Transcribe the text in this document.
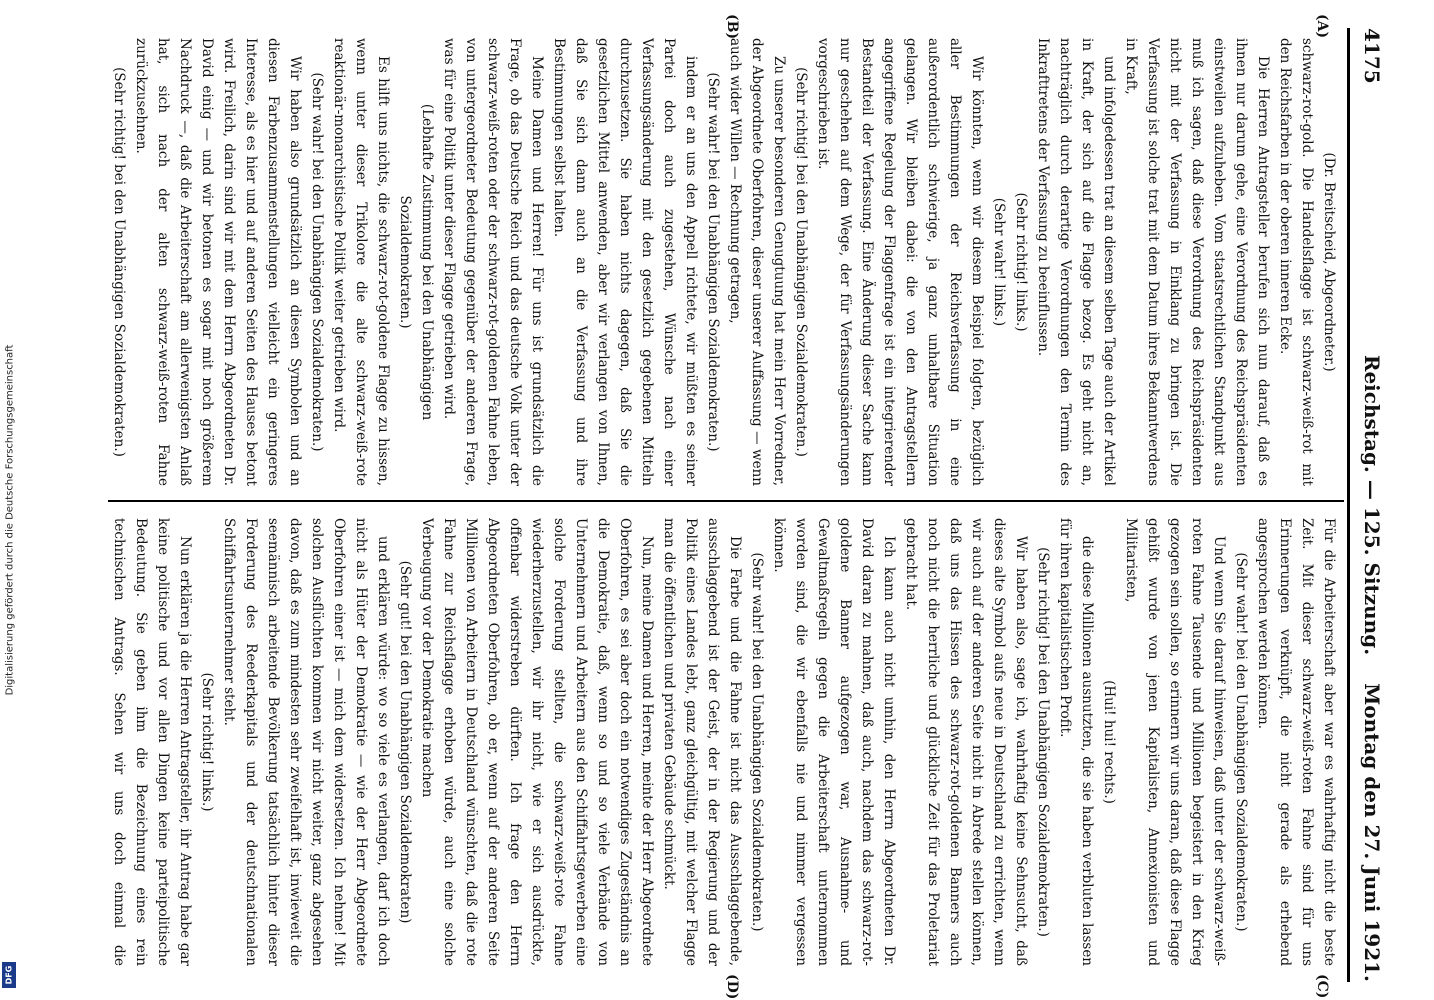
Digitalisierung gefördert durch die Deutsche Forschungsgemeinschaft
DFG
4175
Reichstag. — 125. Sitzung.
Montag den 27. Juni 1921.
(A)
(B)
(C)
(D)

(Dr. Breitscheid, Abgeordneter.)

schwarz-rot-gold. Die Handelsflagge ist schwarz-weiß-rot mit den Reichsfarben in der oberen inneren Ecke.

Die Herren Antragsteller berufen sich nun darauf, daß es ihnen nur darum gehe, eine Verordnung des Reichspräsidenten einstweilen aufzuheben. Vom staatsrechtlichen Standpunkt aus muß ich sagen, daß diese Verordnung des Reichspräsidenten nicht mit der Verfassung in Einklang zu bringen ist. Die Verfassung ist solche trat mit dem Datum ihres Bekanntwerdens in Kraft,

und infolgedessen trat an diesem selben Tage auch der Artikel in Kraft, der sich auf die Flagge bezog. Es geht nicht an, nachträglich durch derartige Verordnungen den Termin des Inkrafttretens der Verfassung zu beeinflussen.

(Sehr richtig! links.)

(Sehr wahr! links.)

Wir könnten, wenn wir diesem Beispiel folgten, bezüglich aller Bestimmungen der Reichsverfassung in eine außerordentlich schwierige, ja ganz unhaltbare Situation gelangen. Wir bleiben dabei: die von den Antragstellern angegriffene Regelung der Flaggenfrage ist ein integrierender Bestandteil der Verfassung. Eine Änderung dieser Sache kann nur geschehen auf dem Wege, der für Verfassungsänderungen vorgeschrieben ist.

(Sehr richtig! bei den Unabhängigen Sozialdemokraten.)

Zu unserer besonderen Genugtuung hat mein Herr Vorredner, der Abgeordnete Oberfohren, dieser unserer Auffassung — wenn auch wider Willen — Rechnung getragen,

(Sehr wahr! bei den Unabhängigen Sozialdemokraten.)

indem er an uns den Appell richtete, wir müßten es seiner Partei doch auch zugestehen, Wünsche nach einer Verfassungsänderung mit den gesetzlich gegebenen Mitteln durchzusetzen. Sie haben nichts dagegen, daß Sie die gesetzlichen Mittel anwenden, aber wir verlangen von Ihnen, daß Sie sich dann auch an die Verfassung und ihre Bestimmungen selbst halten.

Meine Damen und Herren! Für uns ist grundsätzlich die Frage, ob das Deutsche Reich und das deutsche Volk unter der schwarz-weiß-roten oder der schwarz-rot-goldenen Fahne leben, von untergeordneter Bedeutung gegenüber der anderen Frage, was für eine Politik unter dieser Flagge getrieben wird.

(Lebhafte Zustimmung bei den Unabhängigen Sozialdemokraten.)

Es hilft uns nichts, die schwarz-rot-goldene Flagge zu hissen, wenn unter dieser Trikolore die alte schwarz-weiß-rote reaktionär-monarchistische Politik weiter getrieben wird.

(Sehr wahr! bei den Unabhängigen Sozialdemokraten.)

Wir haben also grundsätzlich an diesen Symbolen und an diesen Farbenzusammenstellungen vielleicht ein geringeres Interesse, als es hier und auf anderen Seiten des Hauses betont wird. Freilich, darin sind wir mit dem Herrn Abgeordneten Dr. David einig — und wir betonen es sogar mit noch größerem Nachdruck —, daß die Arbeiterschaft am allerwenigsten Anlaß hat, sich nach der alten schwarz-weiß-roten Fahne zurückzusehnen.

(Sehr richtig! bei den Unabhängigen Sozialdemokraten.)

Für die Arbeiterschaft aber war es wahrhaftig nicht die beste Zeit. Mit dieser schwarz-weiß-roten Fahne sind für uns Erinnerungen verknüpft, die nicht gerade als erhebend angesprochen werden können.

(Sehr wahr! bei den Unabhängigen Sozialdemokraten.)

Und wenn Sie darauf hinweisen, daß unter der schwarz-weiß-roten Fahne Tausende und Millionen begeistert in den Krieg gezogen sein sollen, so erinnern wir uns daran, daß diese Flagge gehißt wurde von jenen Kapitalisten, Annexionisten und Militaristen,

(Hui! hui! rechts.)

die diese Millionen ausnutzten, die sie haben verbluten lassen für ihren kapitalistischen Profit.

(Sehr richtig! bei den Unabhängigen Sozialdemokraten.)

Wir haben also, sage ich, wahrhaftig keine Sehnsucht, daß dieses alte Symbol aufs neue in Deutschland zu errichten, wenn wir auch auf der anderen Seite nicht in Abrede stellen können, daß uns das Hissen des schwarz-rot-goldenen Banners auch noch nicht die herrliche und glückliche Zeit für das Proletariat gebracht hat.

Ich kann auch nicht umhin, den Herrn Abgeordneten Dr. David daran zu mahnen, daß auch, nachdem das schwarz-rot-goldene Banner aufgezogen war, Ausnahme- und Gewaltmaßregeln gegen die Arbeiterschaft unternommen worden sind, die wir ebenfalls nie und nimmer vergessen können.

(Sehr wahr! bei den Unabhängigen Sozialdemokraten.)

Die Farbe und die Fahne ist nicht das Ausschlaggebende, ausschlaggebend ist der Geist, der in der Regierung und der Politik eines Landes lebt, ganz gleichgültig, mit welcher Flagge man die öffentlichen und privaten Gebäude schmückt.

Nun, meine Damen und Herren, meinte der Herr Abgeordnete Oberfohren, es sei aber doch ein notwendiges Zugeständnis an die Demokratie, daß, wenn so und so viele Verbände von Unternehmern und Arbeitern aus den Schiffahrtsgewerben eine solche Forderung stellten, die schwarz-weiß-rote Fahne wiederherzustellen, wir ihr nicht, wie er sich ausdrückte, offenbar widerstreben dürften. Ich frage den Herrn Abgeordneten Oberfohren, ob er, wenn auf der anderen Seite Millionen von Arbeitern in Deutschland wünschten, daß die rote Fahne zur Reichsflagge erhoben würde, auch eine solche Verbeugung vor der Demokratie machen

(Sehr gut! bei den Unabhängigen Sozialdemokraten)

und erklären würde: wo so viele es verlangen, darf ich doch nicht als Hüter der Demokratie — wie der Herr Abgeordnete Oberfohren einer ist — mich dem widersetzen. Ich nehme! Mit solchen Ausflüchten kommen wir nicht weiter, ganz abgesehen davon, daß es zum mindesten sehr zweifelhaft ist, inwieweit die seemännisch arbeitende Bevölkerung tatsächlich hinter dieser Forderung des Reederkapitals und der deutschnationalen Schiffahrtsunternehmer steht.

(Sehr richtig! links.)

Nun erklären ja die Herren Antragsteller, ihr Antrag habe gar keine politische und vor allen Dingen keine parteipolitische Bedeutung. Sie geben ihm die Bezeichnung eines rein technischen Antrags. Sehen wir uns doch einmal die
